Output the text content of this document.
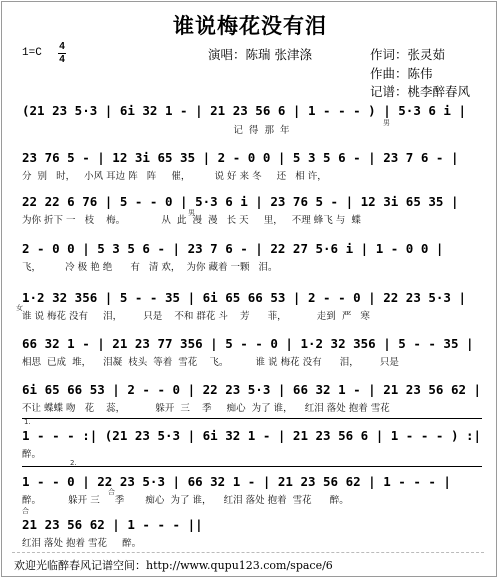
谁说梅花没有泪
演唱：陈瑞 张津涤	作词：张灵茹
作曲：陈伟
记谱：桃李醉春风
1=C
4
4
(21 23 5·3 | 6i 32 1 - | 21 23 56 6 | 1 - - - ) | 5·3 6 i |
男
记  得  那  年
23 76 5 - | 12 3i 65 35 | 2 - 0 0 | 5 3 5 6 - | 23 7 6 - |
分  别   时，   小风 耳边 阵   阵     催，        说 好 来 冬     还   相 许，
22 22 6 76 | 5 - - 0 | 5·3 6 i | 23 76 5 - | 12 3i 65 35 |
男
为你 折下 一   枝    梅。            从  此  漫  漫   长 天     里，   不理 蜂飞 与  蝶
2 - 0 0 | 5 3 5 6 - | 23 7 6 - | 22 27 5·6 i | 1 - 0 0 |
飞，        冷 极 艳 绝      有   清 欢，  为你 藏着 一颗   泪。
1·2 32 356 | 5 - - 35 | 6i 65 66 53 | 2 - - 0 | 22 23 5·3 |
女
谁 说 梅花 没有     泪，       只是    不和 群花 斗    芳      菲，          走到  严   寒
66 32 1 - | 21 23 77 356 | 5 - - 0 | 1·2 32 356 | 5 - - 35 |
相思  已成  堆，    泪凝  枝头  等着  雪花    飞。         谁 说 梅花 没有      泪，       只是
6i 65 66 53 | 2 - - 0 | 22 23 5·3 | 66 32 1 - | 21 23 56 62 |
不让 蝶蝶 吻   花    蕊，          躲开  三    季     痴心  为了 谁，    红泪 落处 抱着 雪花
1.
1 - - - :| (21 23 5·3 | 6i 32 1 - | 21 23 56 6 | 1 - - - ) :|
醉。
2.
1 - - 0 | 22 23 5·3 | 66 32 1 - | 21 23 56 62 | 1 - - - |
合
醉。         躲开 三     季       痴心  为了 谁，    红泪 落处 抱着  雪花      醉。
合
21 23 56 62 | 1 - - - ||
红泪 落处 抱着 雪花     醉。
欢迎光临醉春风记谱空间：http://www.qupu123.com/space/6
